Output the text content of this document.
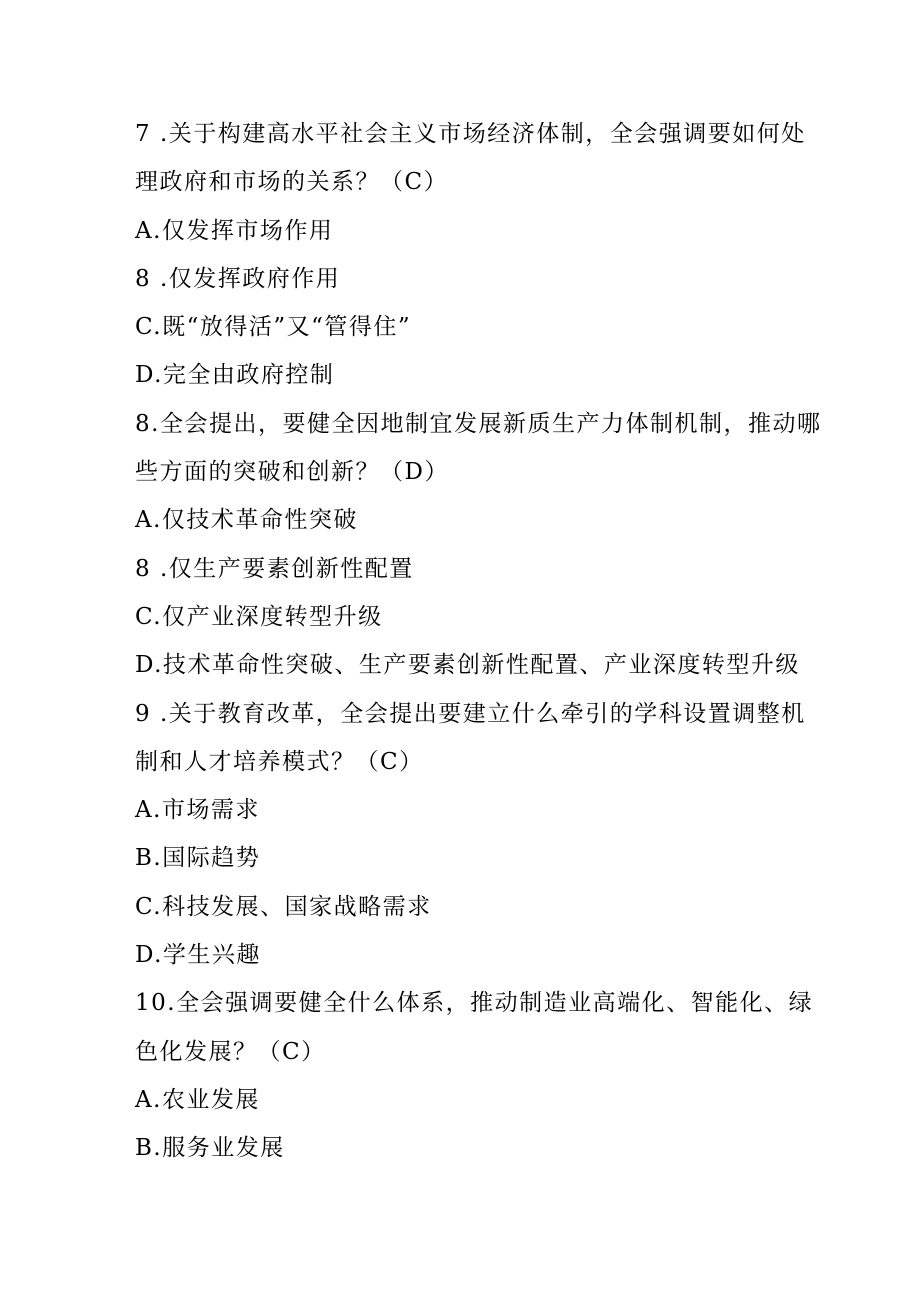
7 .关于构建高水平社会主义市场经济体制，全会强调要如何处
理政府和市场的关系？（C）
A.仅发挥市场作用
8 .仅发挥政府作用
C.既“放得活”又“管得住”
D.完全由政府控制
8.全会提出，要健全因地制宜发展新质生产力体制机制，推动哪
些方面的突破和创新？（D）
A.仅技术革命性突破
8 .仅生产要素创新性配置
C.仅产业深度转型升级
D.技术革命性突破、生产要素创新性配置、产业深度转型升级
9 .关于教育改革，全会提出要建立什么牵引的学科设置调整机
制和人才培养模式？（C）
A.市场需求
B.国际趋势
C.科技发展、国家战略需求
D.学生兴趣
10.全会强调要健全什么体系，推动制造业高端化、智能化、绿
色化发展？（C）
A.农业发展
B.服务业发展
